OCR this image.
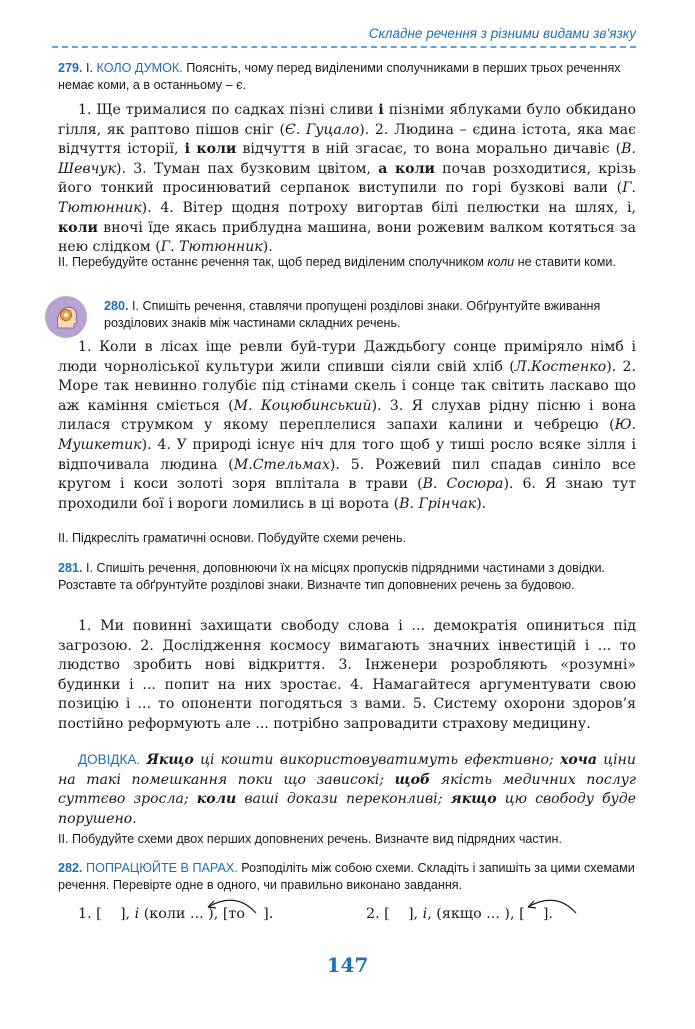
Складне речення з різними видами зв’язку

279. I. КОЛО ДУМОК. Поясніть, чому перед виділеними сполучниками в перших трьох реченнях немає коми, а в останньому – є.

1. Ще трималися по садках пізні сливи і пізніми яблуками було обкидано гілля, як раптово пішов сніг (Є. Гуцало). 2. Людина – єдина істота, яка має відчуття історії, і коли відчуття в ній згасає, то вона морально дичавіє (В. Шевчук). 3. Туман пах бузковим цвітом, а коли почав розходитися, крізь його тонкий просинюватий серпанок виступили по горі бузкові вали (Г. Тютюнник). 4. Вітер щодня потроху вигортав білі пелюстки на шлях, і, коли вночі їде якась приблудна машина, вони рожевим валком котяться за нею слідком (Г. Тютюнник).

II. Перебудуйте останнє речення так, щоб перед виділеним сполучником коли не ставити коми.

280. I. Спишіть речення, ставлячи пропущені розділові знаки. Обґрунтуйте вживання розділових знаків між частинами складних речень.

1. Коли в лісах іще ревли буй-тури Даждьбогу сонце приміряло німб і люди чорноліської культури жили спивши сіяли свій хліб (Л.Костенко). 2. Море так невинно голубіє під стінами скель і сонце так світить ласкаво що аж каміння сміється (М. Коцюбинський). 3. Я слухав рідну пісню і вона лилася струмком у якому переплелися запахи калини и чебрецю (Ю. Мушкетик). 4. У природі існує ніч для того щоб у тиші росло всяке зілля і відпочивала людина (М.Стельмах). 5. Рожевий пил спадав синіло все кругом і коси золоті зоря вплітала в трави (В. Сосюра). 6. Я знаю тут проходили бої і вороги ломились в ці ворота (В. Грінчак).

II. Підкресліть граматичні основи. Побудуйте схеми речень.

281. I. Спишіть речення, доповнюючи їх на місцях пропусків підрядними частинами з довідки. Розставте та обґрунтуйте розділові знаки. Визначте тип доповнених речень за будовою.

1. Ми повинні захищати свободу слова і ... демократія опиниться під загрозою. 2. Дослідження космосу вимагають значних інвестицій і ... то людство зробить нові відкриття. 3. Інженери розробляють «розумні» будинки і ... попит на них зростає. 4. Намагайтеся аргументувати свою позицію і ... то опоненти погодяться з вами. 5. Систему охорони здоров’я постійно реформують але ... потрібно запровадити страхову медицину.

ДОВІДКА. Якщо ці кошти використовуватимуть ефективно; хоча ціни на такі помешкання поки що зависокі; щоб якість медичних послуг суттєво зросла; коли ваші докази переконливі; якщо цю свободу буде порушено.

II. Побудуйте схеми двох перших доповнених речень. Визначте вид підрядних частин.

282. ПОПРАЦЮЙТЕ В ПАРАХ. Розподіліть між собою схеми. Складіть і запишіть за цими схемами речення. Перевірте одне в одного, чи правильно виконано завдання.

1. [    ], і (коли ... ), [то    ].	2. [    ], і, (якщо ... ), [    ].
147
